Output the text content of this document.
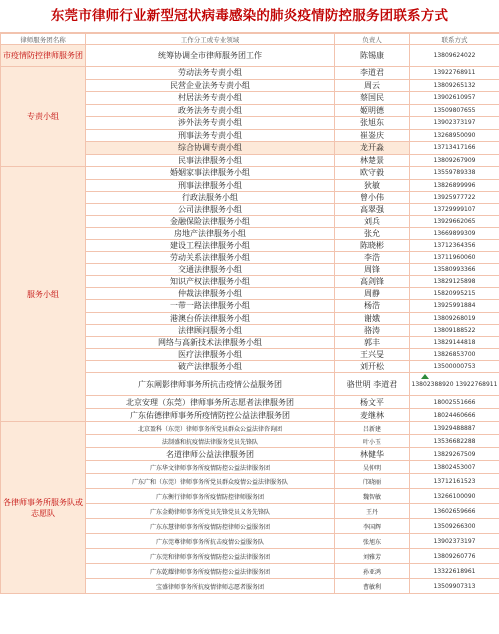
东莞市律师行业新型冠状病毒感染的肺炎疫情防控服务团联系方式
律师服务团名称	工作分工或专业领域	负责人	联系方式
市疫情防控律师服务团	统筹协调全市律师服务团工作	陈锡康	13809624022
专责小组	劳动法务专责小组	李道君	13922768911
	民营企业法务专责小组	周云	13809265132
	村居法务专责小组	蔡国民	13902610957
	政务法务专责小组	姬明德	13509807655
	涉外法务专责小组	张旭东	13902373197
	刑事法务专责小组	崔崟庆	13268950090
	综合协调专责小组	龙开淼	13713417166
	民事法律服务小组	林楚景	13809267909
服务小组	婚姻家事法律服务小组	欧守毅	13559789338
	刑事法律服务小组	狄敏	13826899996
	行政法服务小组	曾小伟	13925977722
	公司法律服务小组	高翠强	13729999107
	金融保险法律服务小组	刘兵	13929662065
	房地产法律服务小组	张允	13669899309
	建设工程法律服务小组	陈晓彬	13712364356
	劳动关系法律服务小组	李浩	13711960060
	交通法律服务小组	周锋	13580993366
	知识产权法律服务小组	高剑锋	13829125898
	仲裁法律服务小组	周静	15820995215
	一带一路法律服务小组	杨浩	13925991884
	港澳台侨法律服务小组	谢娥	13809268019
	法律顾问服务小组	骆涛	13809188522
	网络与高新技术法律服务小组	郭丰	13829144818
	医疗法律服务小组	王兴旻	13826853700
	破产法律服务小组	刘开松	13500000753
	广东阐影律师事务所抗击疫情公益服务团	骆世明 李道君	13802388920 13922768911
	北京安理（东莞）律师事务所志愿者法律服务团	杨文平	18002551666
	广东佑德律师事务所疫情防控公益法律服务团	麦继林	18024460666
各律师事务所服务队或志愿队	北京盈科（东莞）律师事务所党员群众公益法律咨询团	吕新建	13929488887
	法制盛和抗疫情法律服务党员先锋队	叶小玉	13536682288
	名道律师公益法律服务团	林健华	13829267509
	广东华文律师事务所疫情防控公益法律服务团	吴仲明	13802453007
	广东广和（东莞）律师事务所党员群众疫情公益法律服务队	邝晓丽	13712161523
	广东衡行律师事务所疫情防控律师服务团	魏智敏	13266100090
	广东金勤律师事务所党员先锋党员义务先锋队	王丹	13602659666
	广东东慧律师事务所疫情防控律师公益服务团	李国辉	13509266300
	广东莞尊律师事务所抗击疫情公益服务队	张旭东	13902373197
	广东莞和律师事务所疫情防控公益法律服务团	刘雅芳	13809260776
	广东乾耀律师事务所疫情防控公益法律服务团	孙亚鸿	13322618961
	宝盛律师事务所抗疫情律师志愿者服务团	曹敏利	13509907313
